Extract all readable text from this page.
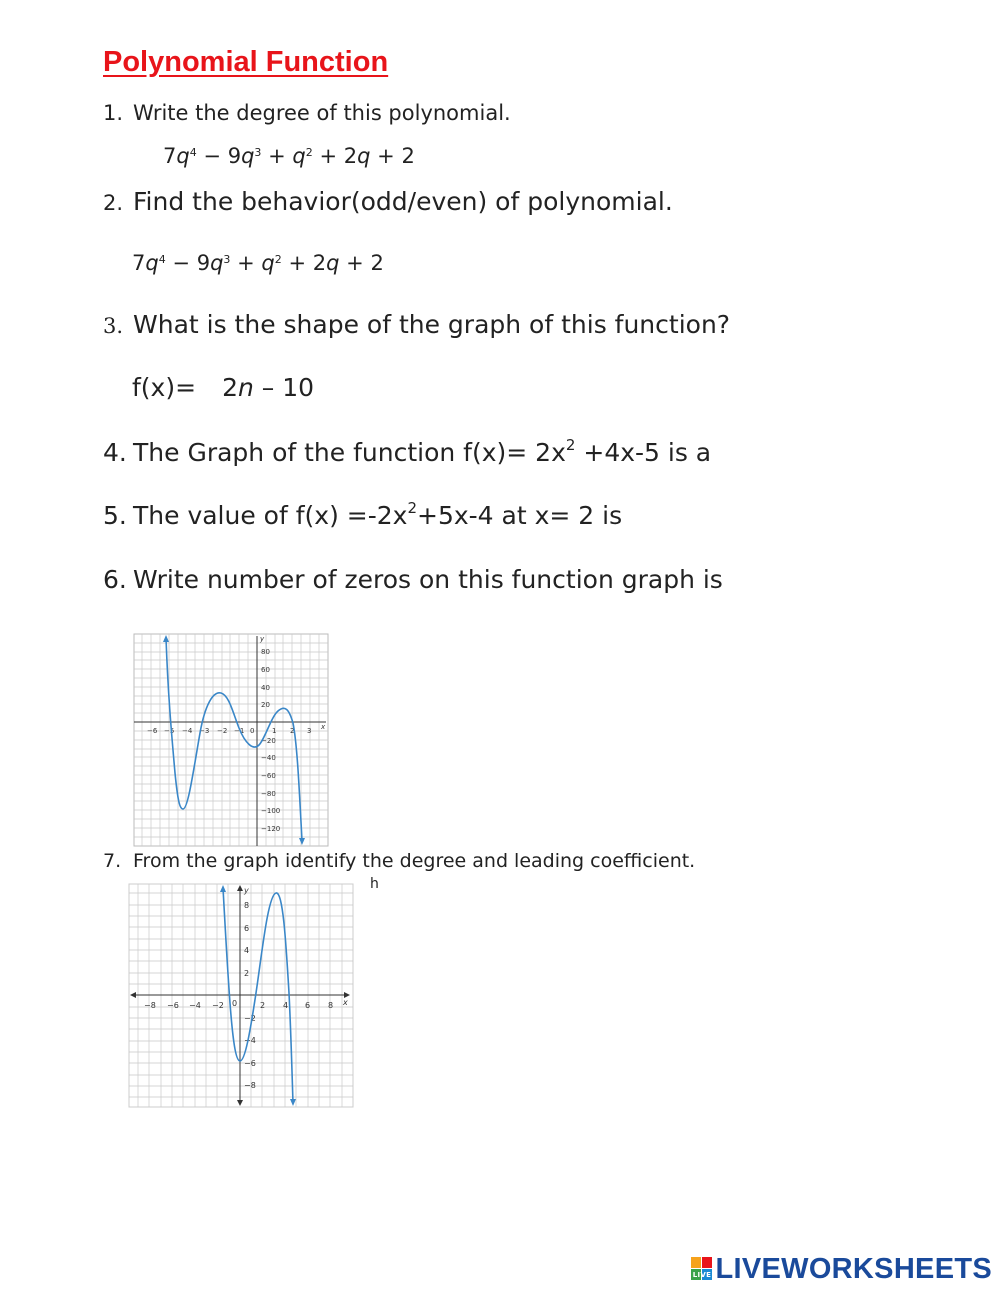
Polynomial Function
1. Write the degree of this polynomial.
$7q^4 - 9q^3 + q^2 + 2q + 2$
2. Find the behavior(odd/even) of polynomial.
$7q^4 - 9q^3 + q^2 + 2q + 2$
3. What is the shape of the graph of this function?
f(x)= 2n – 10
4. The Graph of the function $f(x)= 2x^2 +4x-5$ is a
5. The value of $f(x) =-2x^2+5x-4$ at x= 2 is
6. Write number of zeros on this function graph is
−6 −5 −4 −3 −2 −1	1 2 3
0
80
60
40
20
−20
−40
−60
−80
−100
−120
x
y
7. From the graph identify the degree and leading coefficient.
h
−8 −6 −4 −2	2 4 6 8
0
8
6
4
2
−2
−4
−6
−8
x
y
LIVE LIVEWORKSHEETS
